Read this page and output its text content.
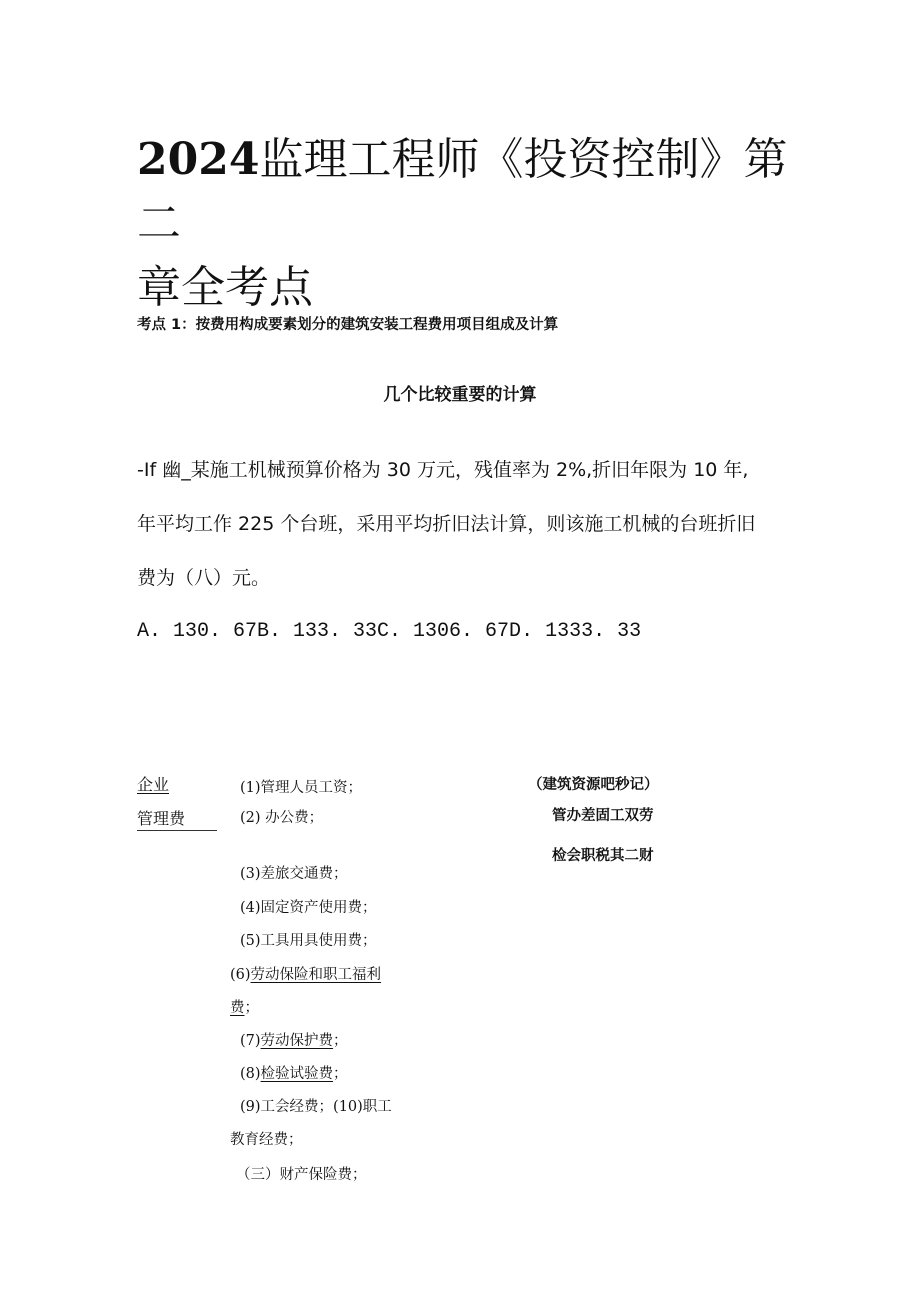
2024监理工程师《投资控制》第二
章全考点
考点 1：按费用构成要素划分的建筑安装工程费用项目组成及计算
几个比较重要的计算

-If 幽_某施工机械预算价格为 30 万元，残值率为 2%,折旧年限为 10 年,
年平均工作 225 个台班，采用平均折旧法计算，则该施工机械的台班折旧
费为（八）元。

A. 130. 67B. 133. 33C. 1306. 67D. 1333. 33
企业
管理费
(1)管理人员工资；
(2) 办公费；
(3)差旅交通费；
(4)固定资产使用费；
(5)工具用具使用费；
(6)劳动保险和职工福利
费；
(7)劳动保护费；
(8)检验试验费；
(9)工会经费；(10)职工
教育经费；
（三）财产保险费；
（建筑资源吧秒记）
管办差固工双劳
检会职税其二财
